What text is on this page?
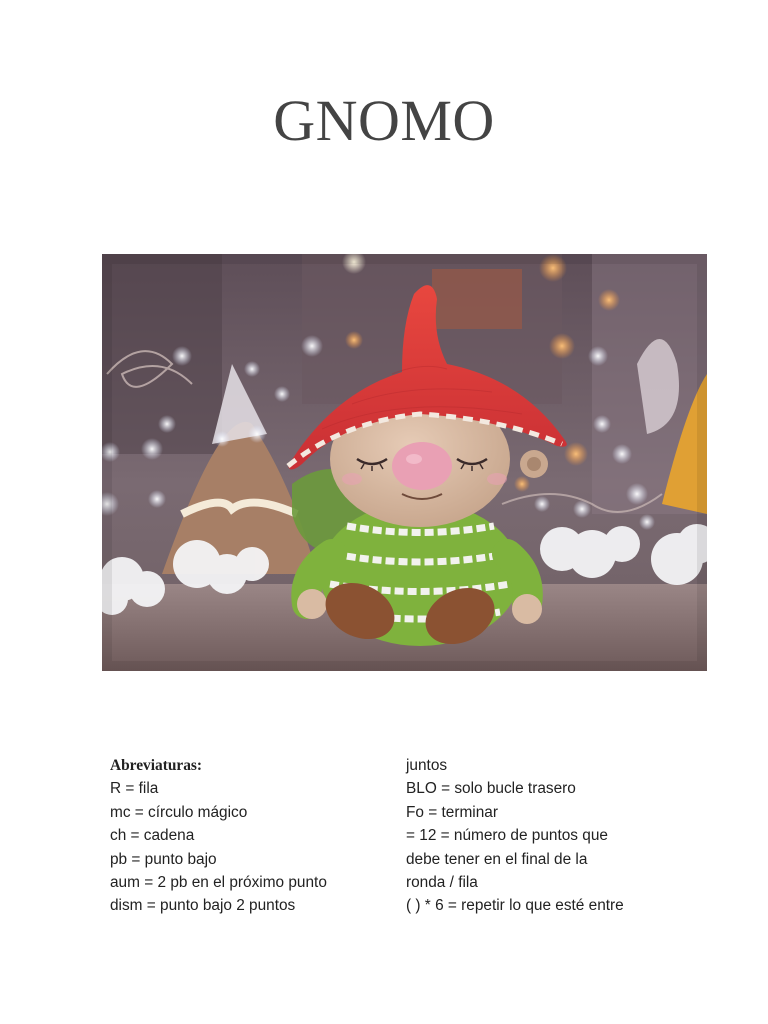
GNOMO
Abreviaturas:
R = fila
mc = círculo mágico
ch = cadena
pb = punto bajo
aum = 2 pb en el próximo punto
dism = punto bajo 2 puntos
juntos
BLO = solo bucle trasero
Fo = terminar
= 12 = número de puntos que
debe tener en el final de la
ronda / fila
( ) * 6 = repetir lo que esté entre
